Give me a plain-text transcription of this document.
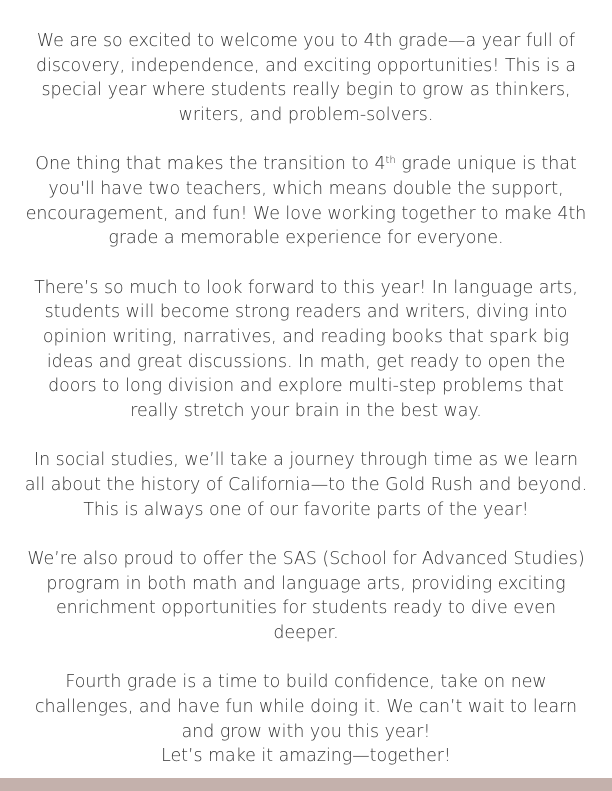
We are so excited to welcome you to 4th grade—a year full of discovery, independence, and exciting opportunities! This is a special year where students really begin to grow as thinkers, writers, and problem-solvers.

One thing that makes the transition to 4th grade unique is that you'll have two teachers, which means double the support, encouragement, and fun! We love working together to make 4th grade a memorable experience for everyone.

There’s so much to look forward to this year! In language arts, students will become strong readers and writers, diving into opinion writing, narratives, and reading books that spark big ideas and great discussions. In math, get ready to open the doors to long division and explore multi-step problems that really stretch your brain in the best way.

In social studies, we’ll take a journey through time as we learn all about the history of California—to the Gold Rush and beyond. This is always one of our favorite parts of the year!

We’re also proud to offer the SAS (School for Advanced Studies) program in both math and language arts, providing exciting enrichment opportunities for students ready to dive even deeper.

Fourth grade is a time to build confidence, take on new challenges, and have fun while doing it. We can’t wait to learn and grow with you this year!
Let’s make it amazing—together!
